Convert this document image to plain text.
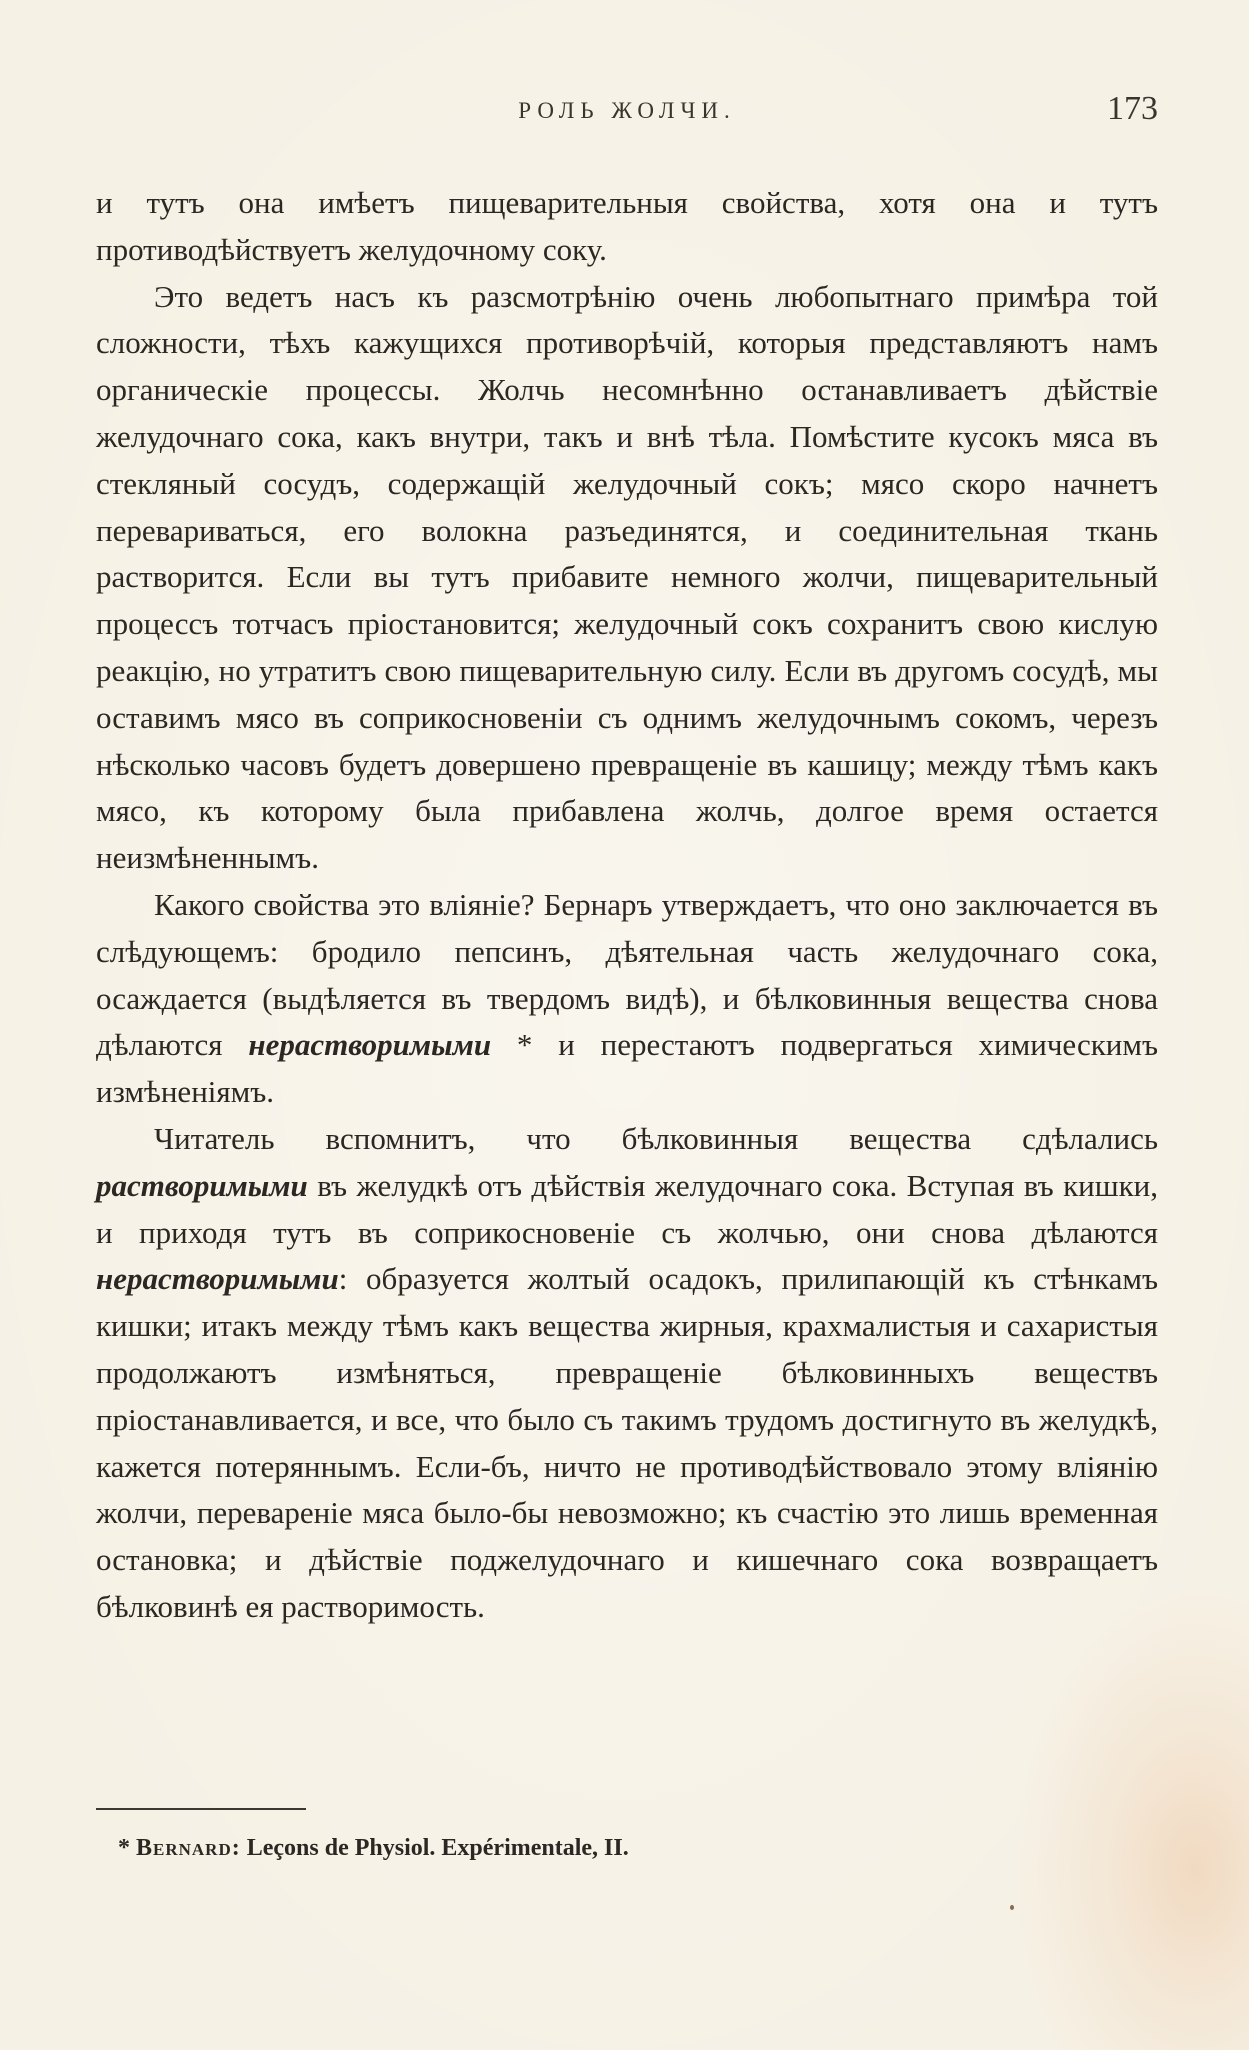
РОЛЬ ЖОЛЧИ.	173

и тутъ она имѣетъ пищеварительныя свойства, хотя она и тутъ противодѣйствуетъ желудочному соку.

Это ведетъ насъ къ разсмотрѣнію очень любопытнаго примѣра той сложности, тѣхъ кажущихся противорѣчій, которыя представляютъ намъ органическіе процессы. Жолчь несомнѣнно останавливаетъ дѣйствіе желудочнаго сока, какъ внутри, такъ и внѣ тѣла. Помѣстите кусокъ мяса въ стекляный сосудъ, содержащій желудочный сокъ; мясо скоро начнетъ перевариваться, его волокна разъединятся, и соединительная ткань растворится. Если вы тутъ прибавите немного жолчи, пищеварительный процессъ тотчасъ пріостановится; желудочный сокъ сохранитъ свою кислую реакцію, но утратитъ свою пищеварительную силу. Если въ другомъ сосудѣ, мы оставимъ мясо въ соприкосновеніи съ однимъ желудочнымъ сокомъ, черезъ нѣсколько часовъ будетъ довершено превращеніе въ кашицу; между тѣмъ какъ мясо, къ которому была прибавлена жолчь, долгое время остается неизмѣненнымъ.

Какого свойства это вліяніе? Бернаръ утверждаетъ, что оно заключается въ слѣдующемъ: бродило пепсинъ, дѣятельная часть желудочнаго сока, осаждается (выдѣляется въ твердомъ видѣ), и бѣлковинныя вещества снова дѣлаются нерастворимыми * и перестаютъ подвергаться химическимъ измѣненіямъ.

Читатель вспомнитъ, что бѣлковинныя вещества сдѣлались растворимыми въ желудкѣ отъ дѣйствія желудочнаго сока. Вступая въ кишки, и приходя тутъ въ соприкосновеніе съ жолчью, они снова дѣлаются нерастворимыми: образуется жолтый осадокъ, прилипающій къ стѣнкамъ кишки; итакъ между тѣмъ какъ вещества жирныя, крахмалистыя и сахаристыя продолжаютъ измѣняться, превращеніе бѣлковинныхъ веществъ пріостанавливается, и все, что было съ такимъ трудомъ достигнуто въ желудкѣ, кажется потеряннымъ. Если-бъ, ничто не противодѣйствовало этому вліянію жолчи, перевареніе мяса было-бы невозможно; къ счастію это лишь временная остановка; и дѣйствіе поджелудочнаго и кишечнаго сока возвращаетъ бѣлковинѣ ея растворимость.

* Bernard: Leçons de Physiol. Expérimentale, II.
